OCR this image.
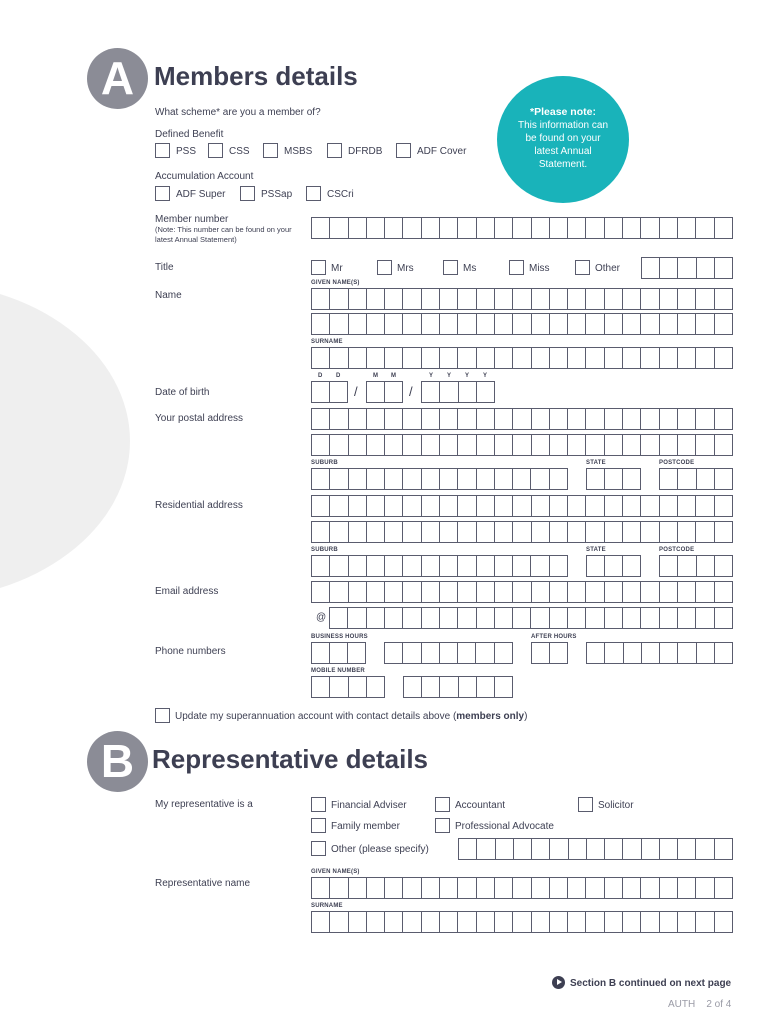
A Members details
What scheme* are you a member of?
Defined Benefit
PSS	CSS	MSBS	DFRDB	ADF Cover
Accumulation Account
ADF Super	PSSap	CSCri
*Please note:
This information can be found on your latest Annual Statement.
Member number
(Note: This number can be found on your latest Annual Statement)
Title	Mr	Mrs	Ms	Miss	Other
Name
GIVEN NAME(S)
SURNAME
D D	M M	Y Y Y Y
Date of birth	/	/
Your postal address
SUBURB	STATE	POSTCODE
Residential address
SUBURB	STATE	POSTCODE
Email address
@
BUSINESS HOURS	AFTER HOURS
Phone numbers
MOBILE NUMBER
Update my superannuation account with contact details above (members only)
B Representative details
My representative is a	Financial Adviser	Accountant	Solicitor
Family member	Professional Advocate
Other (please specify)
GIVEN NAME(S)
Representative name
SURNAME
Section B continued on next page
AUTH    2 of 4
